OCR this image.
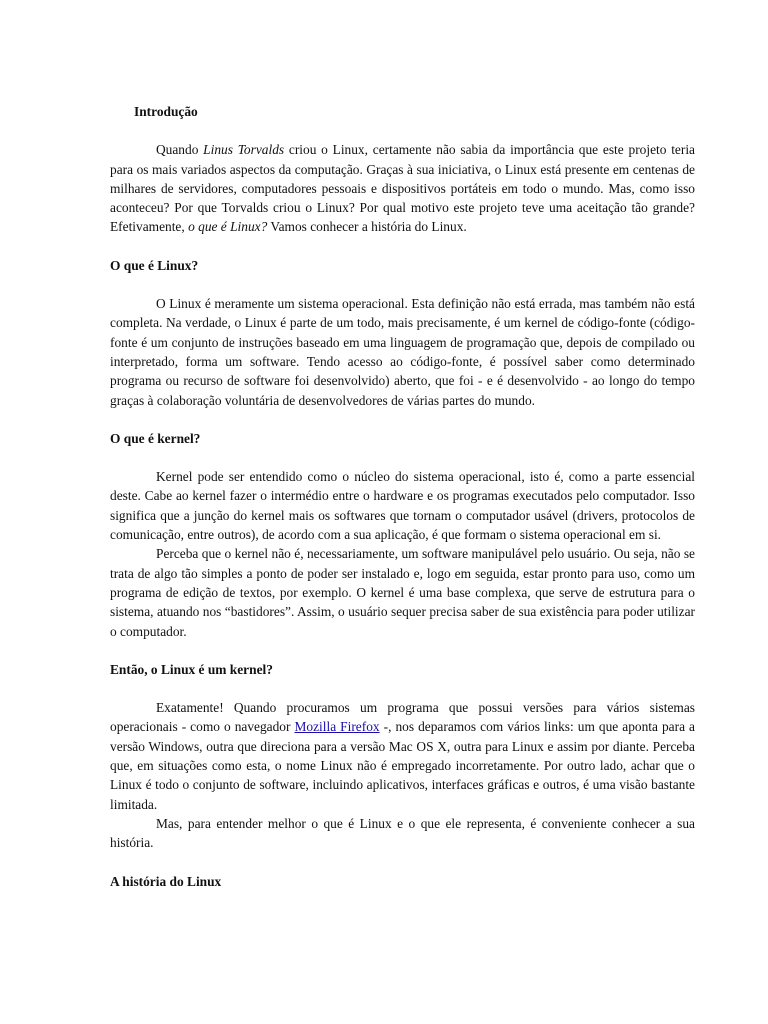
Introdução

Quando Linus Torvalds criou o Linux, certamente não sabia da importância que este projeto teria para os mais variados aspectos da computação. Graças à sua iniciativa, o Linux está presente em centenas de milhares de servidores, computadores pessoais e dispositivos portáteis em todo o mundo. Mas, como isso aconteceu? Por que Torvalds criou o Linux? Por qual motivo este projeto teve uma aceitação tão grande? Efetivamente, o que é Linux? Vamos conhecer a história do Linux.

O que é Linux?

O Linux é meramente um sistema operacional. Esta definição não está errada, mas também não está completa. Na verdade, o Linux é parte de um todo, mais precisamente, é um kernel de código-fonte (código-fonte é um conjunto de instruções baseado em uma linguagem de programação que, depois de compilado ou interpretado, forma um software. Tendo acesso ao código-fonte, é possível saber como determinado programa ou recurso de software foi desenvolvido) aberto, que foi - e é desenvolvido - ao longo do tempo graças à colaboração voluntária de desenvolvedores de várias partes do mundo.

O que é kernel?

Kernel pode ser entendido como o núcleo do sistema operacional, isto é, como a parte essencial deste. Cabe ao kernel fazer o intermédio entre o hardware e os programas executados pelo computador. Isso significa que a junção do kernel mais os softwares que tornam o computador usável (drivers, protocolos de comunicação, entre outros), de acordo com a sua aplicação, é que formam o sistema operacional em si.

Perceba que o kernel não é, necessariamente, um software manipulável pelo usuário. Ou seja, não se trata de algo tão simples a ponto de poder ser instalado e, logo em seguida, estar pronto para uso, como um programa de edição de textos, por exemplo. O kernel é uma base complexa, que serve de estrutura para o sistema, atuando nos “bastidores”. Assim, o usuário sequer precisa saber de sua existência para poder utilizar o computador.

Então, o Linux é um kernel?

Exatamente! Quando procuramos um programa que possui versões para vários sistemas operacionais - como o navegador Mozilla Firefox -, nos deparamos com vários links: um que aponta para a versão Windows, outra que direciona para a versão Mac OS X, outra para Linux e assim por diante. Perceba que, em situações como esta, o nome Linux não é empregado incorretamente. Por outro lado, achar que o Linux é todo o conjunto de software, incluindo aplicativos, interfaces gráficas e outros, é uma visão bastante limitada.

Mas, para entender melhor o que é Linux e o que ele representa, é conveniente conhecer a sua história.

A história do Linux
